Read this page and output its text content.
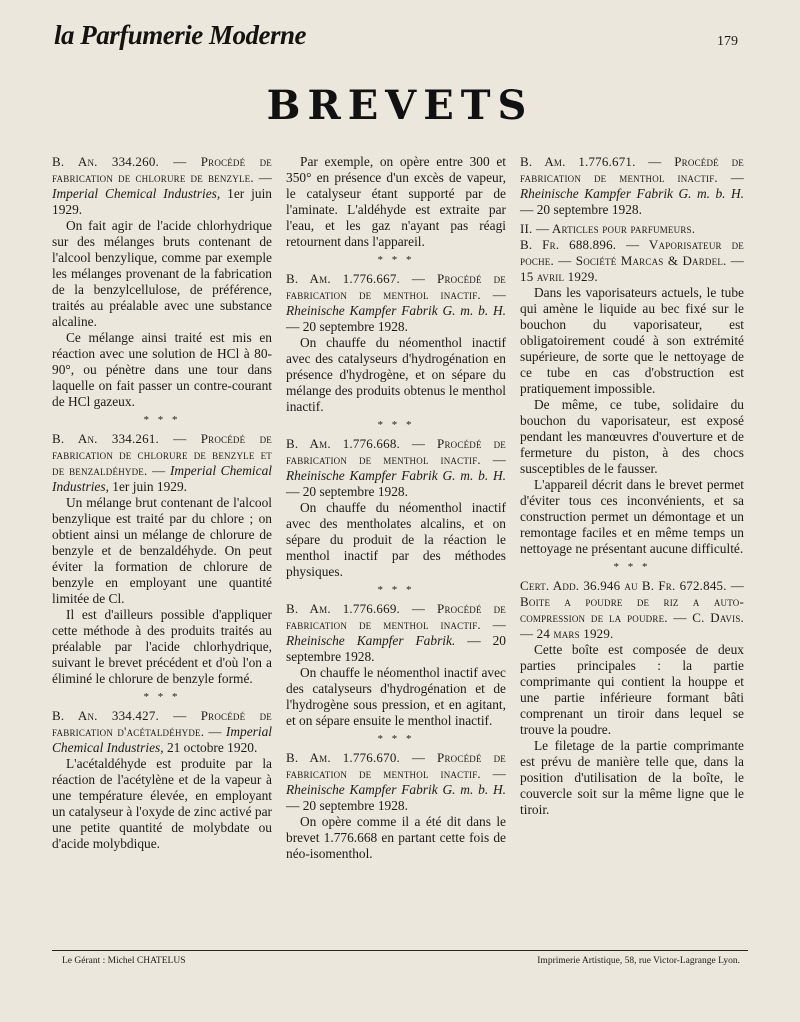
la Parfumerie Moderne	179
BREVETS

B. An. 334.260. — Procédé de fabrication de chlorure de benzyle. — Imperial Chemical Industries, 1er juin 1929.

On fait agir de l'acide chlorhydrique sur des mélanges bruts contenant de l'alcool benzylique, comme par exemple les mélanges provenant de la fabrication de la benzylcellulose, de préférence, traités au préalable avec une substance alcaline.

Ce mélange ainsi traité est mis en réaction avec une solution de HCl à 80-90°, ou pénètre dans une tour dans laquelle on fait passer un contre-courant de HCl gazeux.

* * *

B. An. 334.261. — Procédé de fabrication de chlorure de benzyle et de benzaldéhyde. — Imperial Chemical Industries, 1er juin 1929.

Un mélange brut contenant de l'alcool benzylique est traité par du chlore ; on obtient ainsi un mélange de chlorure de benzyle et de benzaldéhyde. On peut éviter la formation de chlorure de benzyle en employant une quantité limitée de Cl.

Il est d'ailleurs possible d'appliquer cette méthode à des produits traités au préalable par l'acide chlorhydrique, suivant le brevet précédent et d'où l'on a éliminé le chlorure de benzyle formé.

* * *

B. An. 334.427. — Procédé de fabrication d'acétaldéhyde. — Imperial Chemical Industries, 21 octobre 1920.

L'acétaldéhyde est produite par la réaction de l'acétylène et de la vapeur à une température élevée, en employant un catalyseur à l'oxyde de zinc activé par une petite quantité de molybdate ou d'acide molybdique.

Par exemple, on opère entre 300 et 350° en présence d'un excès de vapeur, le catalyseur étant supporté par de l'aminate. L'aldéhyde est extraite par l'eau, et les gaz n'ayant pas réagi retournent dans l'appareil.

* * *

B. Am. 1.776.667. — Procédé de fabrication de menthol inactif. — Rheinische Kampfer Fabrik G. m. b. H. — 20 septembre 1928.

On chauffe du néomenthol inactif avec des catalyseurs d'hydrogénation en présence d'hydrogène, et on sépare du mélange des produits obtenus le menthol inactif.

* * *

B. Am. 1.776.668. — Procédé de fabrication de menthol inactif. — Rheinische Kampfer Fabrik G. m. b. H. — 20 septembre 1928.

On chauffe du néomenthol inactif avec des mentholates alcalins, et on sépare du produit de la réaction le menthol inactif par des méthodes physiques.

* * *

B. Am. 1.776.669. — Procédé de fabrication de menthol inactif. — Rheinische Kampfer Fabrik. — 20 septembre 1928.

On chauffe le néomenthol inactif avec des catalyseurs d'hydrogénation et de l'hydrogène sous pression, et en agitant, et on sépare ensuite le menthol inactif.

* * *

B. Am. 1.776.670. — Procédé de fabrication de menthol inactif. — Rheinische Kampfer Fabrik G. m. b. H. — 20 septembre 1928.

On opère comme il a été dit dans le brevet 1.776.668 en partant cette fois de néo-isomenthol.

B. Am. 1.776.671. — Procédé de fabrication de menthol inactif. — Rheinische Kampfer Fabrik G. m. b. H. — 20 septembre 1928.

II. — Articles pour parfumeurs.

B. Fr. 688.896. — Vaporisateur de poche. — Société Marcas & Dardel. — 15 avril 1929.

Dans les vaporisateurs actuels, le tube qui amène le liquide au bec fixé sur le bouchon du vaporisateur, est obligatoirement coudé à son extrémité supérieure, de sorte que le nettoyage de ce tube en cas d'obstruction est pratiquement impossible.

De même, ce tube, solidaire du bouchon du vaporisateur, est exposé pendant les manœuvres d'ouverture et de fermeture du piston, à des chocs susceptibles de le fausser.

L'appareil décrit dans le brevet permet d'éviter tous ces inconvénients, et sa construction permet un démontage et un remontage faciles et en même temps un nettoyage ne présentant aucune difficulté.

* * *

Cert. Add. 36.946 au B. Fr. 672.845. — Boite a poudre de riz a auto-compression de la poudre. — C. Davis. — 24 mars 1929.

Cette boîte est composée de deux parties principales : la partie comprimante qui contient la houppe et une partie inférieure formant bâti comprenant un tiroir dans lequel se trouve la poudre.

Le filetage de la partie comprimante est prévu de manière telle que, dans la position d'utilisation de la boîte, le couvercle soit sur la même ligne que le tiroir.

Le Gérant : Michel CHATELUS	Imprimerie Artistique, 58, rue Victor-Lagrange Lyon.
